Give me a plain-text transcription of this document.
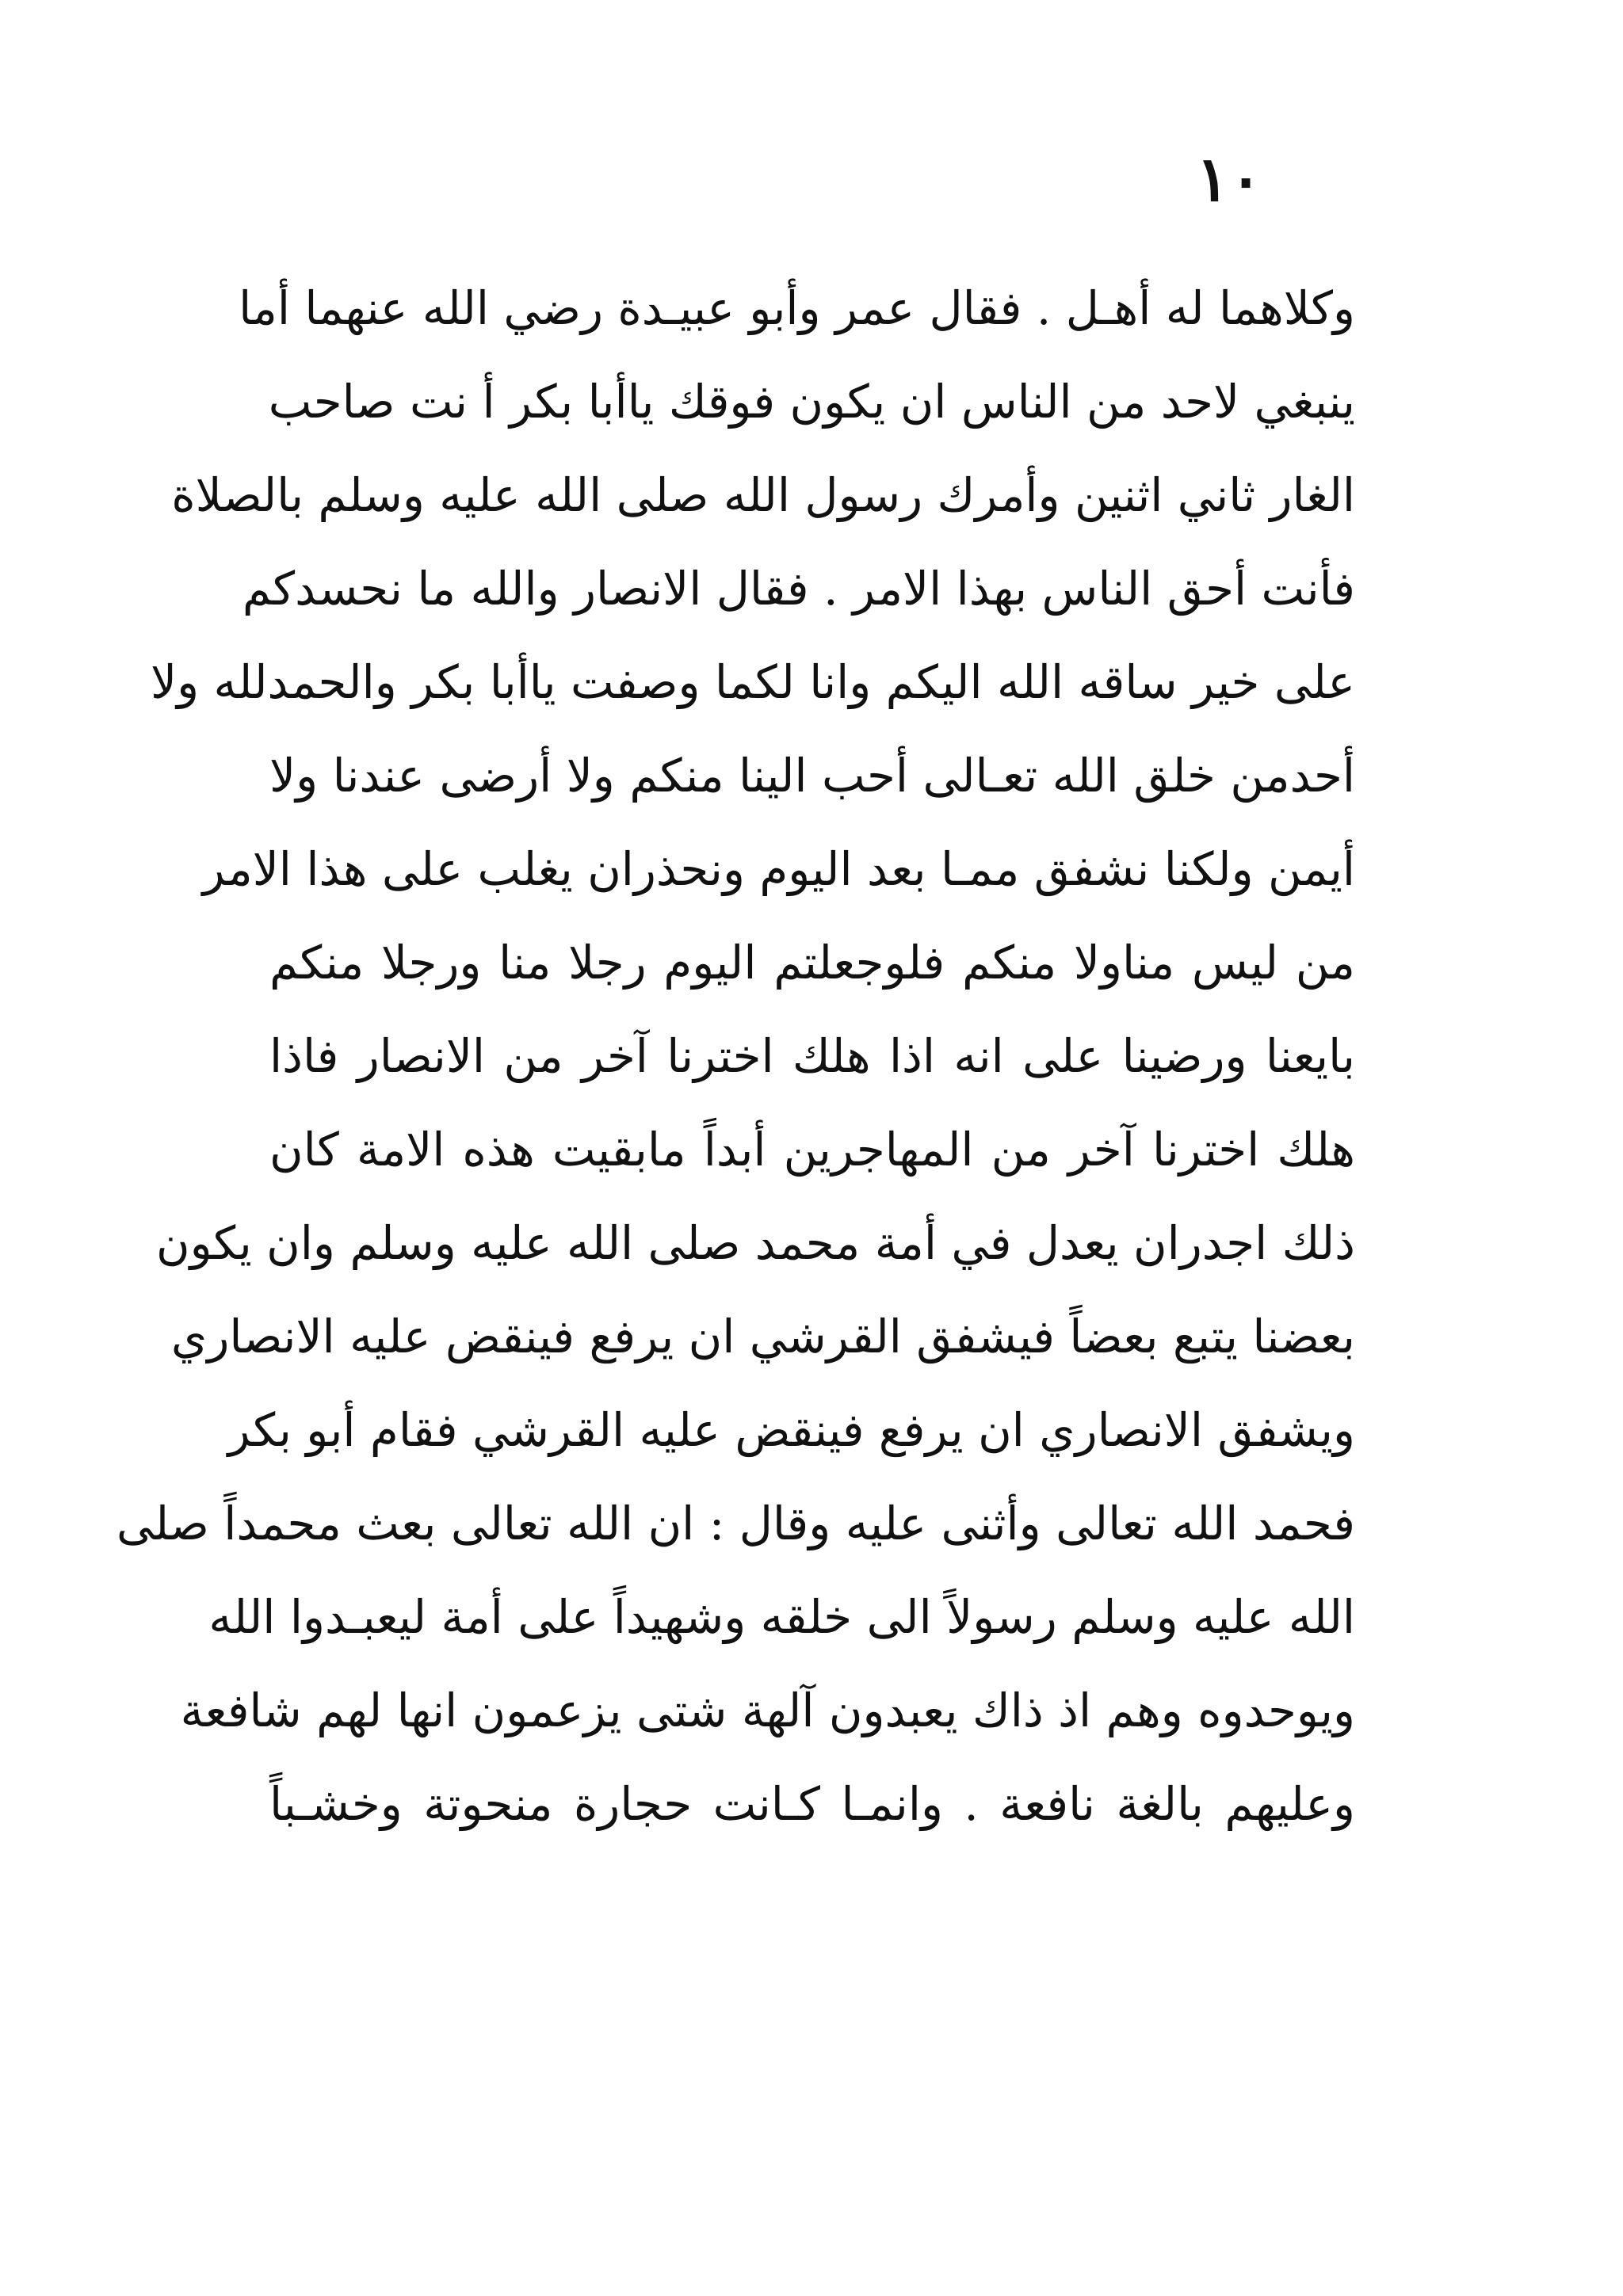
١٠
وكلاهما له أهـل . فقال عمر وأبو عبيـدة رضي الله عنهما أما
ينبغي لاحد من الناس ان يكون فوقك ياأبا بكر أ نت صاحب
الغار ثاني اثنين وأمرك رسول الله صلى الله عليه وسلم بالصلاة
فأنت أحق الناس بهذا الامر . فقال الانصار والله ما نحسدكم
على خير ساقه الله اليكم وانا لكما وصفت ياأبا بكر والحمدلله ولا
أحدمن خلق الله تعـالى أحب الينا منكم ولا أرضى عندنا ولا
أيمن ولكنا نشفق ممـا بعد اليوم ونحذران يغلب على هذا الامر
من ليس مناولا منكم فلوجعلتم اليوم رجلا منا ورجلا منكم
بايعنا ورضينا على انه اذا هلك اخترنا آخر من الانصار فاذا
هلك اخترنا آخر من المهاجرين أبداً مابقيت هذه الامة كان
ذلك اجدران يعدل في أمة محمد صلى الله عليه وسلم وان يكون
بعضنا يتبع بعضاً فيشفق القرشي ان يرفع فينقض عليه الانصاري
ويشفق الانصاري ان يرفع فينقض عليه القرشي فقام أبو بكر
فحمد الله تعالى وأثنى عليه وقال : ان الله تعالى بعث محمداً صلى
الله عليه وسلم رسولاً الى خلقه وشهيداً على أمة ليعبـدوا الله
ويوحدوه وهم اذ ذاك يعبدون آلهة شتى يزعمون انها لهم شافعة
وعليهم بالغة نافعة . وانمـا كـانت حجارة منحوتة وخشـباً
